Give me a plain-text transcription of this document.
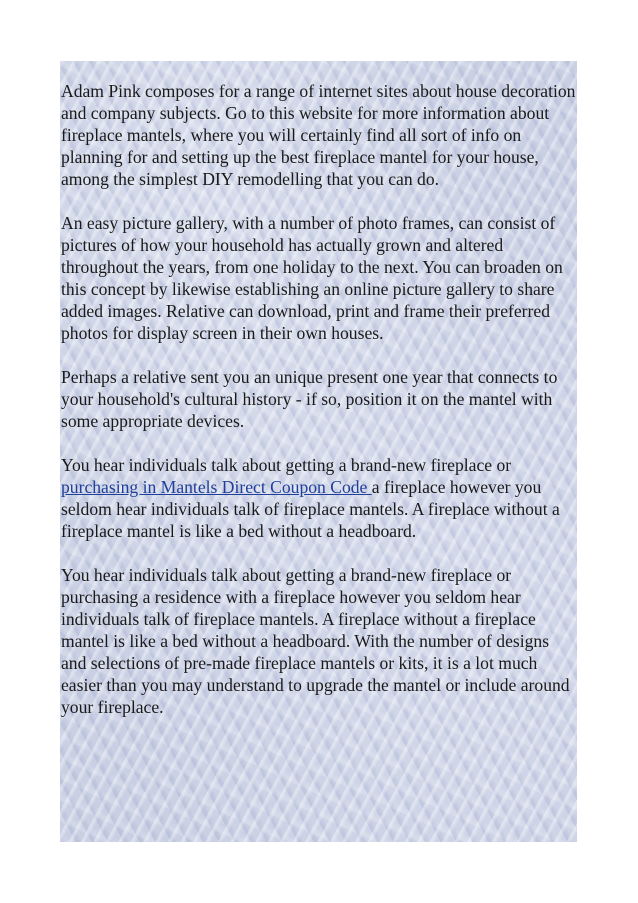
Adam Pink composes for a range of internet sites about house decoration and company subjects. Go to this website for more information about fireplace mantels, where you will certainly find all sort of info on planning for and setting up the best fireplace mantel for your house, among the simplest DIY remodelling that you can do.

An easy picture gallery, with a number of photo frames, can consist of pictures of how your household has actually grown and altered throughout the years, from one holiday to the next. You can broaden on this concept by likewise establishing an online picture gallery to share added images. Relative can download, print and frame their preferred photos for display screen in their own houses.

Perhaps a relative sent you an unique present one year that connects to your household's cultural history - if so, position it on the mantel with some appropriate devices.

You hear individuals talk about getting a brand-new fireplace or purchasing in Mantels Direct Coupon Code a fireplace however you seldom hear individuals talk of fireplace mantels. A fireplace without a fireplace mantel is like a bed without a headboard.

You hear individuals talk about getting a brand-new fireplace or purchasing a residence with a fireplace however you seldom hear individuals talk of fireplace mantels. A fireplace without a fireplace mantel is like a bed without a headboard. With the number of designs and selections of pre-made fireplace mantels or kits, it is a lot much easier than you may understand to upgrade the mantel or include around your fireplace.
